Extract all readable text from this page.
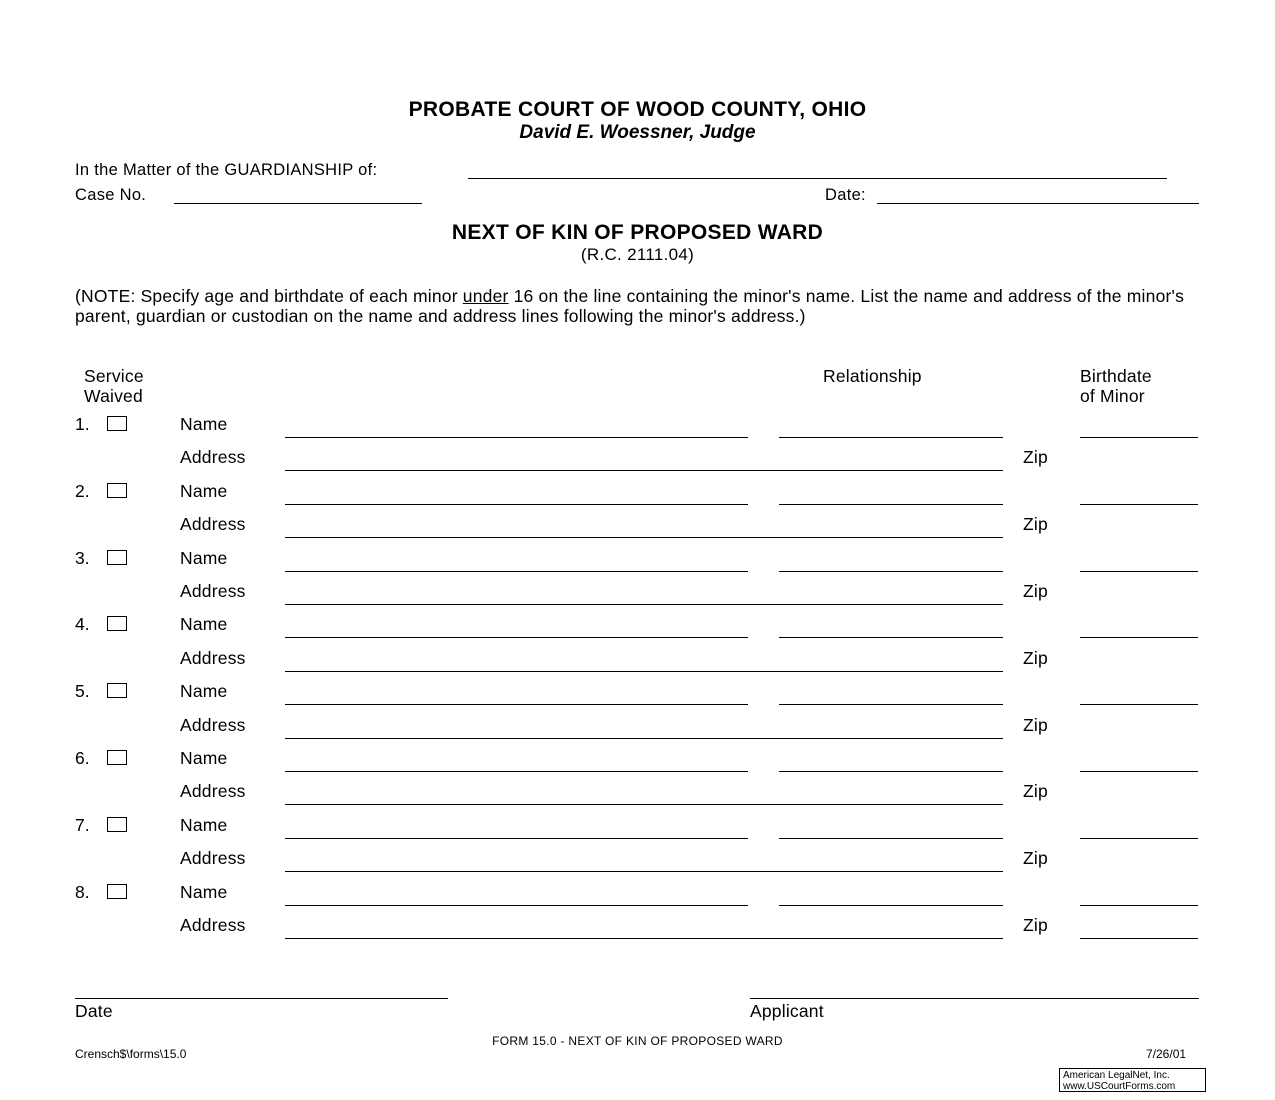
PROBATE COURT OF WOOD COUNTY, OHIO
David E. Woessner, Judge
In the Matter of the GUARDIANSHIP of:
Case No.	Date:
NEXT OF KIN OF PROPOSED WARD
(R.C. 2111.04)
(NOTE: Specify age and birthdate of each minor under 16 on the line containing the minor's name. List the name and address of the minor's parent, guardian or custodian on the name and address lines following the minor's address.)
Service
Waived
Relationship	Birthdate
of Minor
1.	Name
Address	Zip
2.	Name
Address	Zip
3.	Name
Address	Zip
4.	Name
Address	Zip
5.	Name
Address	Zip
6.	Name
Address	Zip
7.	Name
Address	Zip
8.	Name
Address	Zip
Date	Applicant
FORM 15.0 - NEXT OF KIN OF PROPOSED WARD
Crensch$\forms\15.0	7/26/01
American LegalNet, Inc.
www.USCourtForms.com
